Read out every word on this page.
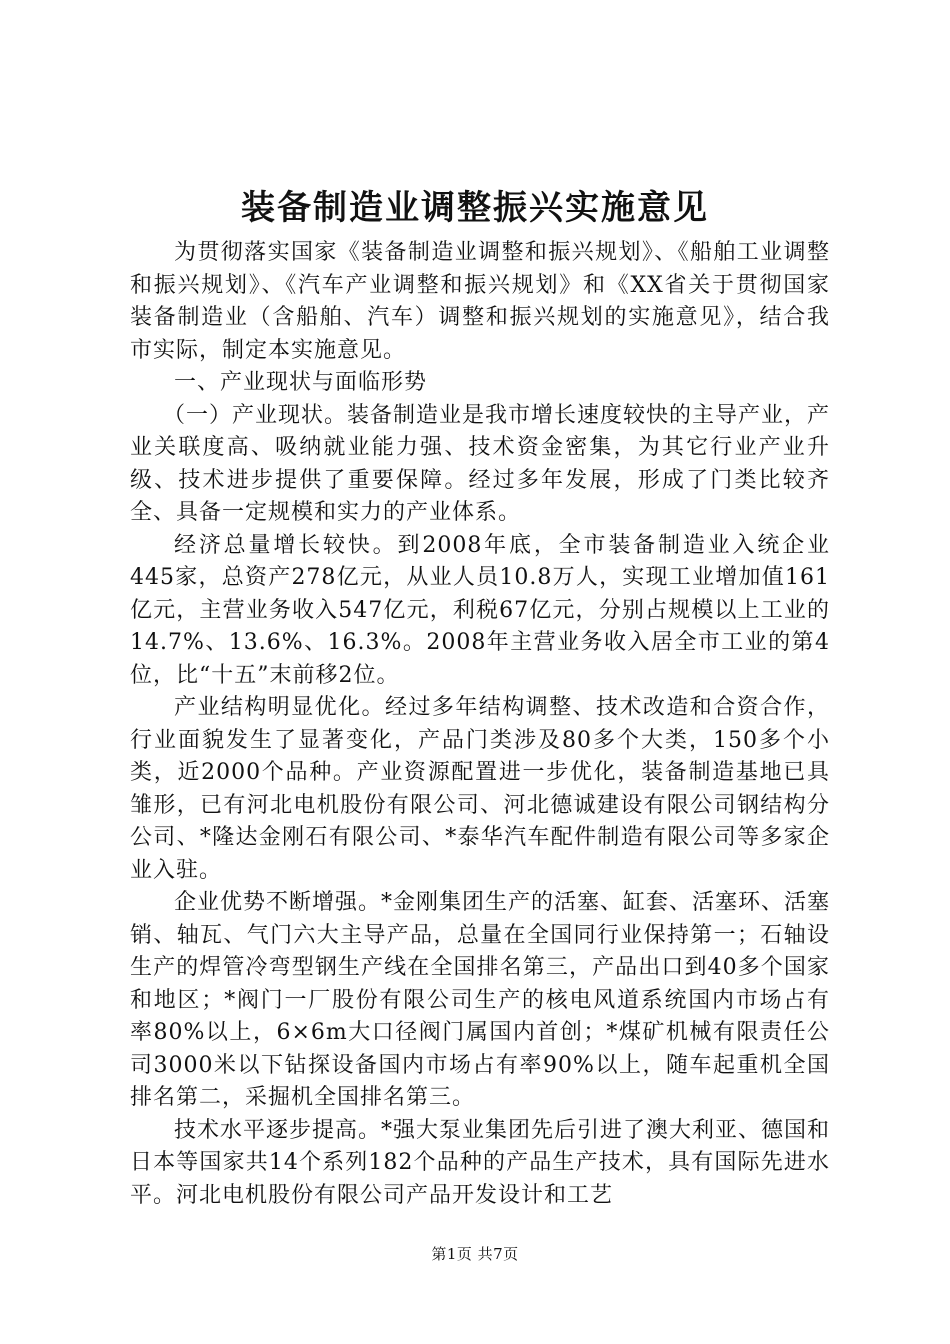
装备制造业调整振兴实施意见

为贯彻落实国家《装备制造业调整和振兴规划》、《船舶工业调整和振兴规划》、《汽车产业调整和振兴规划》和《XX省关于贯彻国家装备制造业（含船舶、汽车）调整和振兴规划的实施意见》，结合我市实际，制定本实施意见。

一、产业现状与面临形势

（一）产业现状。装备制造业是我市增长速度较快的主导产业，产业关联度高、吸纳就业能力强、技术资金密集，为其它行业产业升级、技术进步提供了重要保障。经过多年发展，形成了门类比较齐全、具备一定规模和实力的产业体系。

经济总量增长较快。到2008年底，全市装备制造业入统企业445家，总资产278亿元，从业人员10.8万人，实现工业增加值161亿元，主营业务收入547亿元，利税67亿元，分别占规模以上工业的14.7%、13.6%、16.3%。2008年主营业务收入居全市工业的第4位，比“十五”末前移2位。

产业结构明显优化。经过多年结构调整、技术改造和合资合作，行业面貌发生了显著变化，产品门类涉及80多个大类，150多个小类，近2000个品种。产业资源配置进一步优化，装备制造基地已具雏形，已有河北电机股份有限公司、河北德诚建设有限公司钢结构分公司、*隆达金刚石有限公司、*泰华汽车配件制造有限公司等多家企业入驻。

企业优势不断增强。*金刚集团生产的活塞、缸套、活塞环、活塞销、轴瓦、气门六大主导产品，总量在全国同行业保持第一；石轴设生产的焊管冷弯型钢生产线在全国排名第三，产品出口到40多个国家和地区；*阀门一厂股份有限公司生产的核电风道系统国内市场占有率80%以上，6×6m大口径阀门属国内首创；*煤矿机械有限责任公司3000米以下钻探设备国内市场占有率90%以上，随车起重机全国排名第二，采掘机全国排名第三。

技术水平逐步提高。*强大泵业集团先后引进了澳大利亚、德国和日本等国家共14个系列182个品种的产品生产技术，具有国际先进水平。河北电机股份有限公司产品开发设计和工艺

第1页 共7页
